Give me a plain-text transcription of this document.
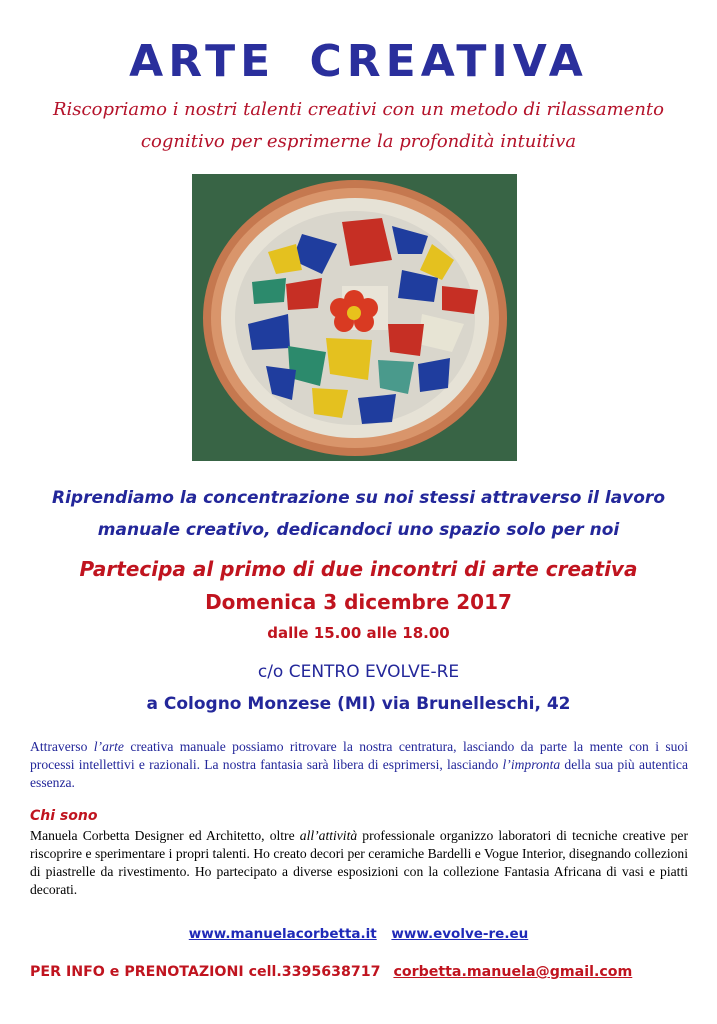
ARTE CREATIVA
Riscopriamo i nostri talenti creativi con un metodo di rilassamento
cognitivo per esprimerne la profondità intuitiva
Riprendiamo la concentrazione su noi stessi attraverso il lavoro
manuale creativo, dedicandoci uno spazio solo per noi
Partecipa al primo di due incontri di arte creativa
Domenica 3 dicembre 2017
dalle 15.00 alle 18.00
c/o CENTRO EVOLVE-RE
a Cologno Monzese (MI) via Brunelleschi, 42

Attraverso l’arte creativa manuale possiamo ritrovare la nostra centratura, lasciando da parte la mente con i suoi processi intellettivi e razionali. La nostra fantasia sarà libera di esprimersi, lasciando l’impronta della sua più autentica essenza.

Chi sono

Manuela Corbetta Designer ed Architetto, oltre all’attività professionale organizzo laboratori di tecniche creative per riscoprire e sperimentare i propri talenti. Ho creato decori per ceramiche Bardelli e Vogue Interior, disegnando collezioni di piastrelle da rivestimento. Ho partecipato a diverse esposizioni con la collezione Fantasia Africana di vasi e piatti decorati.

www.manuelacorbetta.it www.evolve-re.eu
PER INFO e PRENOTAZIONI cell.3395638717 corbetta.manuela@gmail.com
